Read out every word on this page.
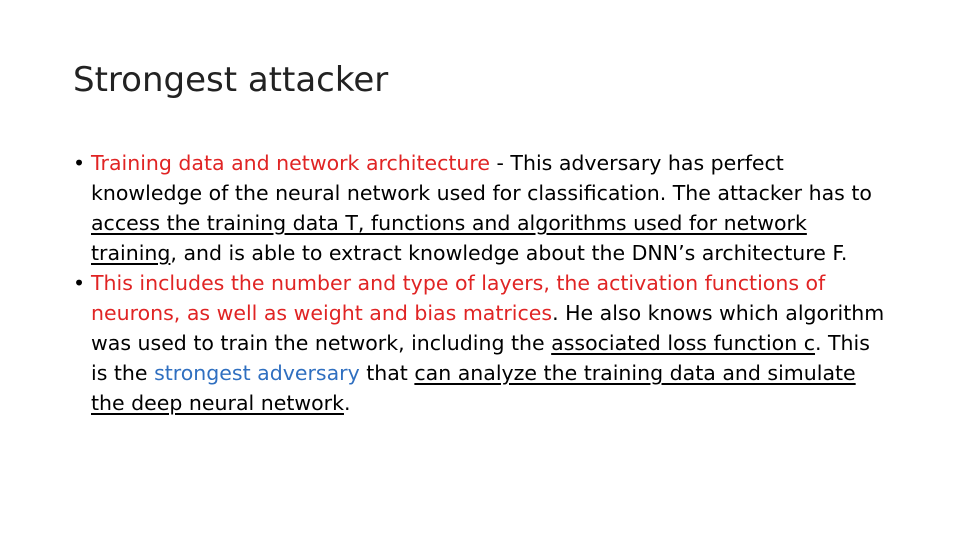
Strongest attacker
• Training data and network architecture - This adversary has perfect knowledge of the neural network used for classification. The attacker has to access the training data T, functions and algorithms used for network training, and is able to extract knowledge about the DNN’s architecture F.
• This includes the number and type of layers, the activation functions of neurons, as well as weight and bias matrices. He also knows which algorithm was used to train the network, including the associated loss function c. This is the strongest adversary that can analyze the training data and simulate the deep neural network.
